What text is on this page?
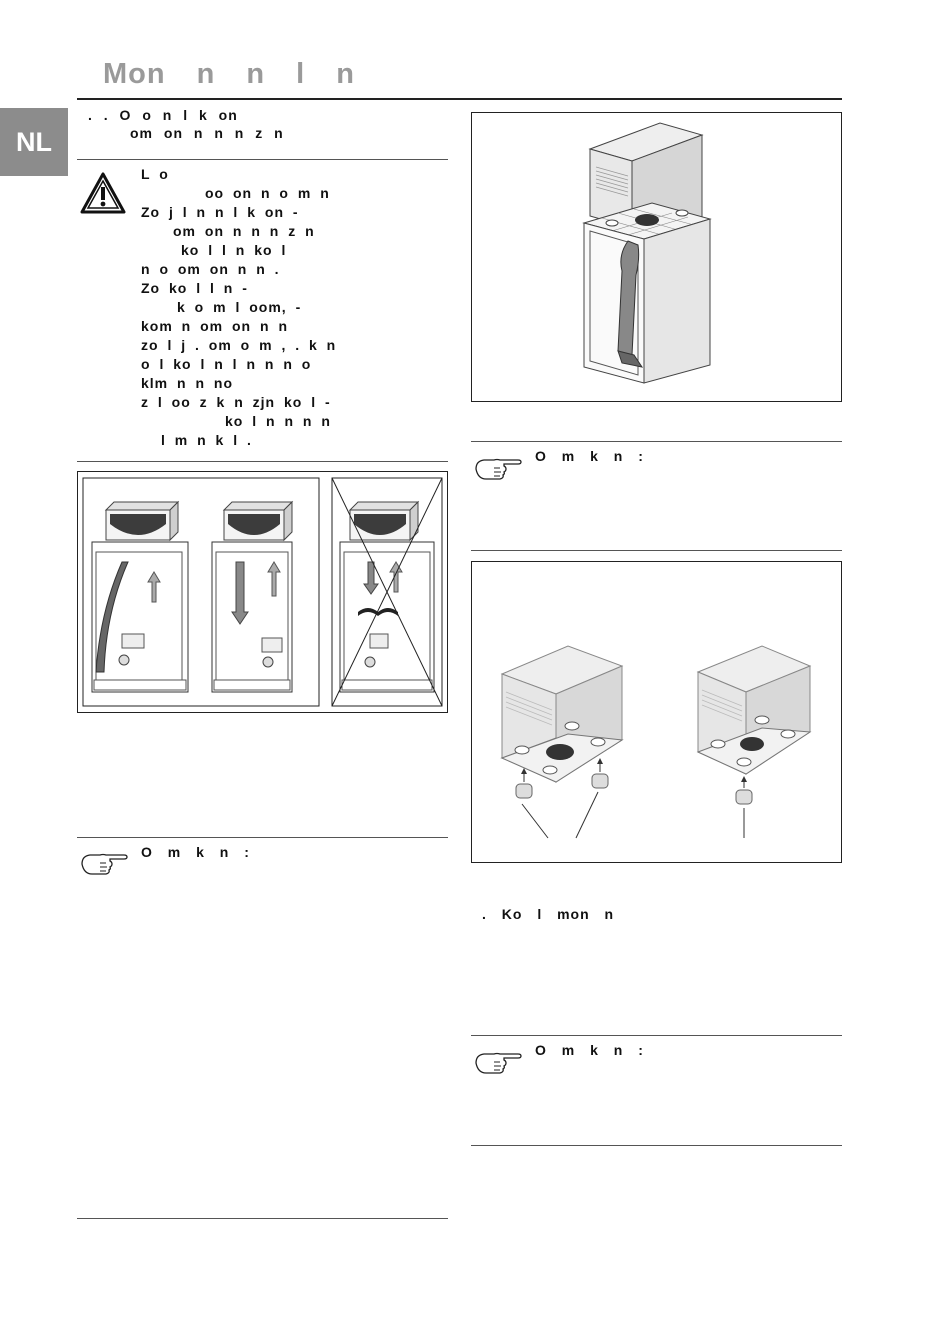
Mon n n l n
NL
. . O o n l k on
om on n n n z n
L o
oo on n o m n
Zo j l n n l k on -
om on n n n z n
ko l l n ko l
n o om on n n .
Zo ko l l n -
k o m l oom, -
kom n om on n n
zo l j . om o m , . k n
o l ko l n l n n n o
klm n n no
z l oo z k n zjn ko l -
ko l n n n n
l m n k l .
O m k n :
O m k n :
. Ko l mon n
O m k n :
